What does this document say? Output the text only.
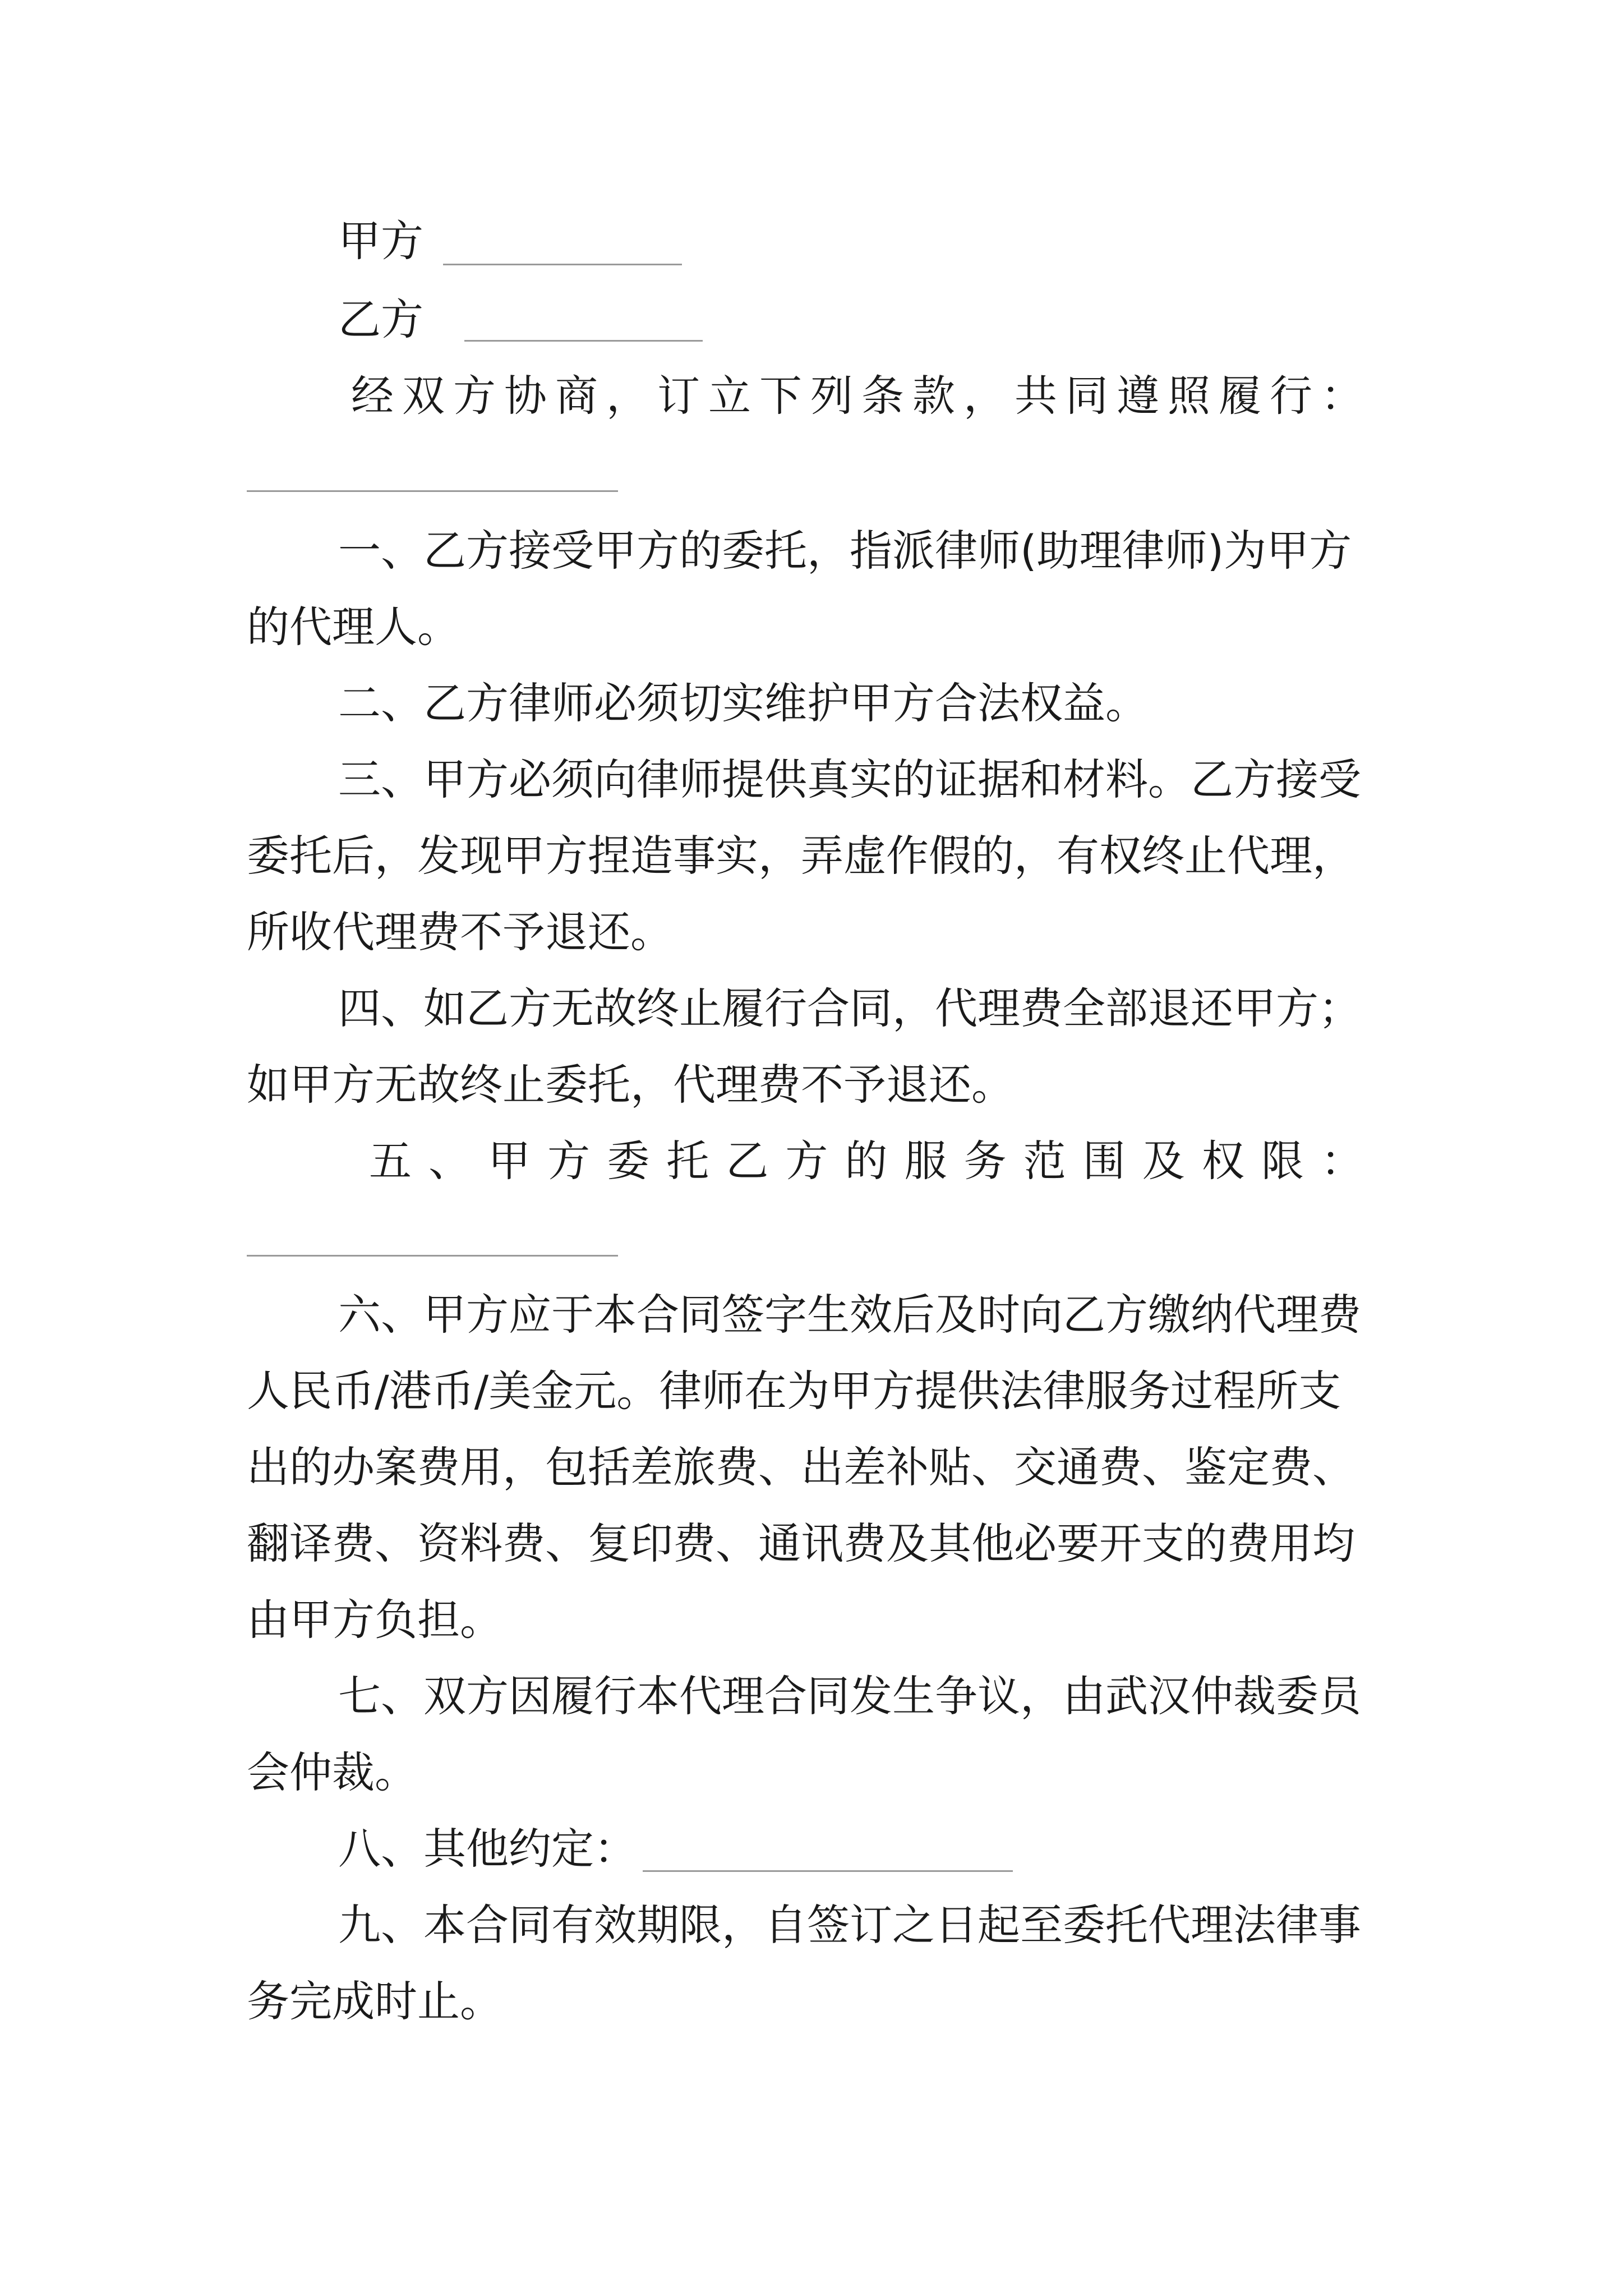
甲方
乙方
经双方协商，订立下列条款，共同遵照履行：
一、乙方接受甲方的委托，指派律师(助理律师)为甲方
的代理人。
二、乙方律师必须切实维护甲方合法权益。
三、甲方必须向律师提供真实的证据和材料。乙方接受
委托后，发现甲方捏造事实，弄虚作假的，有权终止代理，
所收代理费不予退还。
四、如乙方无故终止履行合同，代理费全部退还甲方；
如甲方无故终止委托，代理费不予退还。
五、甲方委托乙方的服务范围及权限：
六、甲方应于本合同签字生效后及时向乙方缴纳代理费
人民币/港币/美金元。律师在为甲方提供法律服务过程所支
出的办案费用，包括差旅费、出差补贴、交通费、鉴定费、
翻译费、资料费、复印费、通讯费及其他必要开支的费用均
由甲方负担。
七、双方因履行本代理合同发生争议，由武汉仲裁委员
会仲裁。
八、其他约定：
九、本合同有效期限，自签订之日起至委托代理法律事
务完成时止。
